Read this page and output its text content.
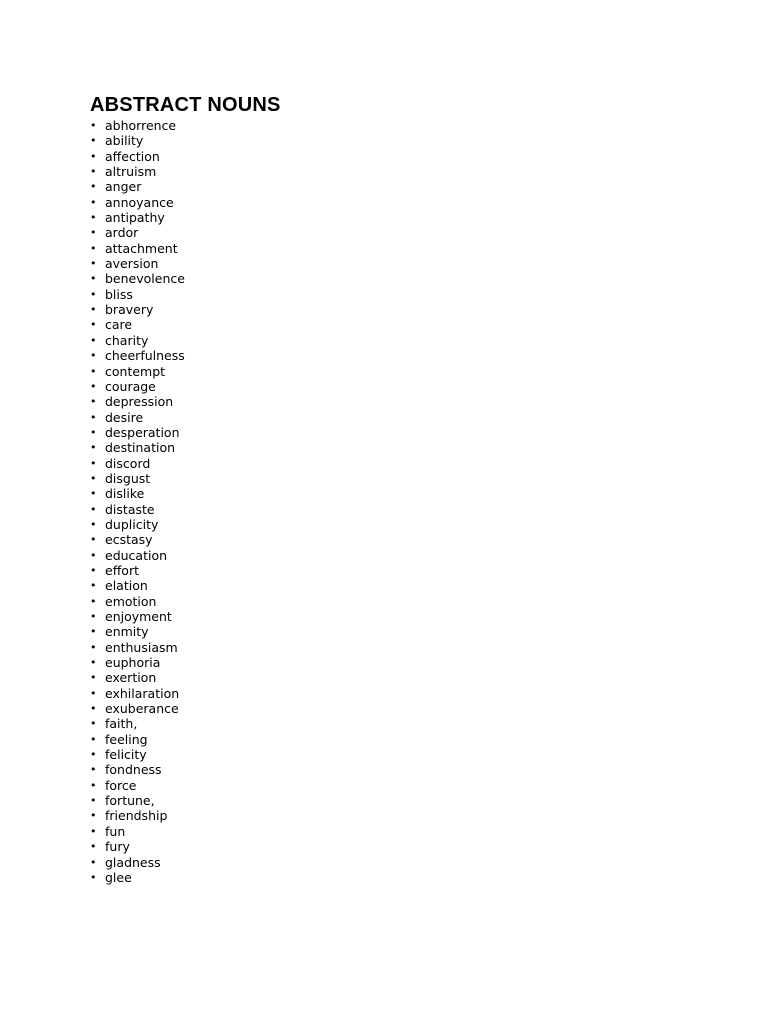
ABSTRACT NOUNS
• abhorrence
• ability
• affection
• altruism
• anger
• annoyance
• antipathy
• ardor
• attachment
• aversion
• benevolence
• bliss
• bravery
• care
• charity
• cheerfulness
• contempt
• courage
• depression
• desire
• desperation
• destination
• discord
• disgust
• dislike
• distaste
• duplicity
• ecstasy
• education
• effort
• elation
• emotion
• enjoyment
• enmity
• enthusiasm
• euphoria
• exertion
• exhilaration
• exuberance
• faith,
• feeling
• felicity
• fondness
• force
• fortune,
• friendship
• fun
• fury
• gladness
• glee
